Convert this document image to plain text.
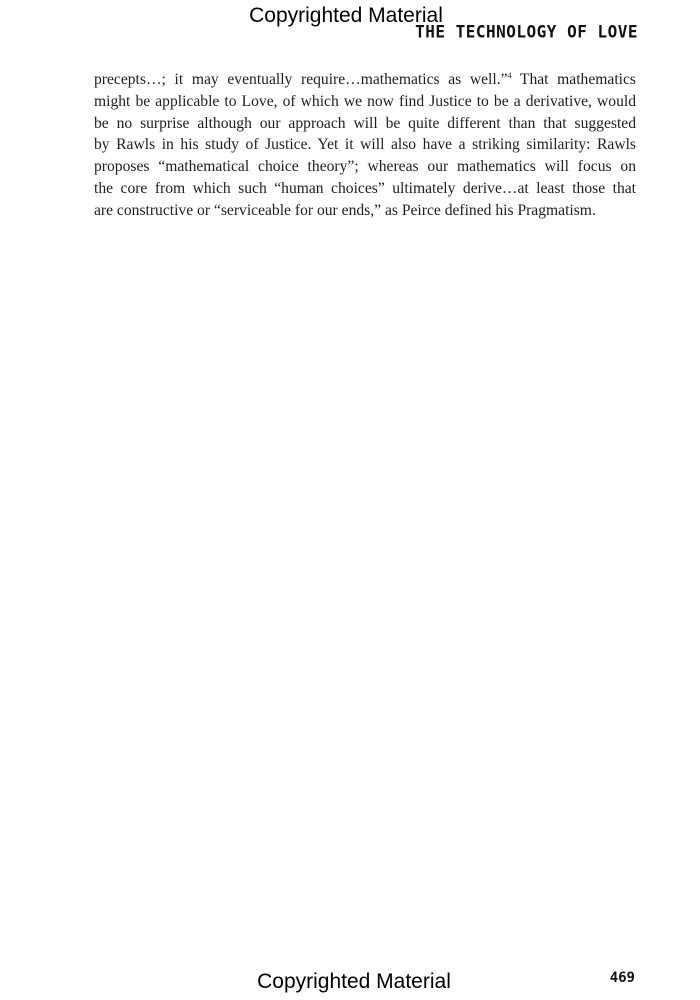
Copyrighted Material
THE TECHNOLOGY OF LOVE
precepts…; it may eventually require…mathematics as well.”$^4$ That mathematics
might be applicable to Love, of which we now find Justice to be a derivative, would
be no surprise although our approach will be quite different than that suggested
by Rawls in his study of Justice. Yet it will also have a striking similarity: Rawls
proposes “mathematical choice theory”; whereas our mathematics will focus on
the core from which such “human choices” ultimately derive…at least those that
are constructive or “serviceable for our ends,” as Peirce defined his Pragmatism.
Copyrighted Material	469
